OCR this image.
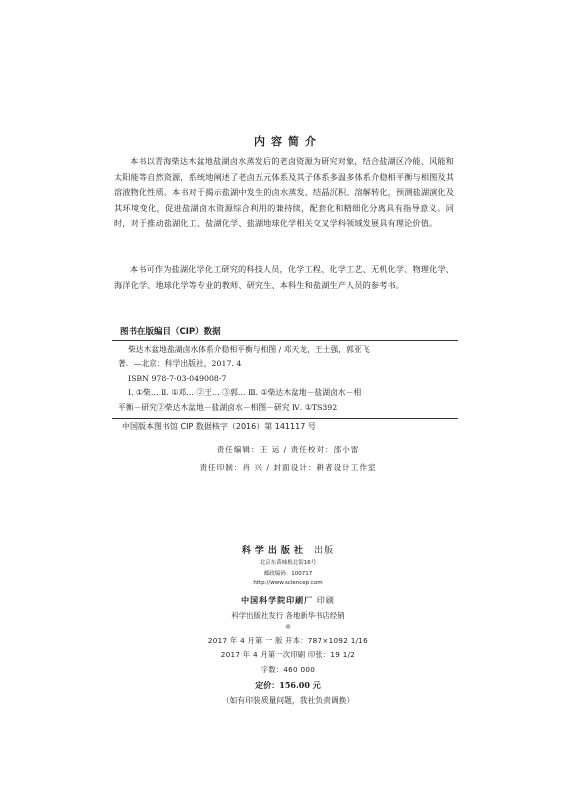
内容简介
本书以青海柴达木盆地盐湖卤水蒸发后的老卤资源为研究对象，结合盐湖区冷能、风能和太阳能等自然资源，系统地阐述了老卤五元体系及其子体系多温多体系介稳相平衡与相图及其溶液物化性质。本书对于揭示盐湖中发生的卤水蒸发、结晶沉积、溶解转化，预测盐湖演化及其环境变化，促进盐湖卤水资源综合利用的兼持续，配套化和精细化分离具有指导意义。同时，对于推动盐湖化工、盐湖化学、盐湖地球化学相关交叉学科领域发展具有理论价值。
本书可作为盐湖化学化工研究的科技人员，化学工程、化学工艺、无机化学、物理化学、海洋化学、地球化学等专业的教师、研究生、本科生和盐湖生产人员的参考书。
图书在版编目（CIP）数据
柴达木盆地盐湖卤水体系介稳相平衡与相图 / 邓天龙，王士强，郭亚飞
著．—北京：科学出版社，2017. 4
ISBN 978-7-03-049008-7
Ⅰ. ①柴… Ⅱ. ①邓… ②王… ③郭… Ⅲ. ①柴达木盆地－盐湖卤水－相
平衡－研究②柴达木盆地－盐湖卤水－相图－研究 Ⅳ. ①TS392
中国版本图书馆 CIP 数据核字（2016）第 141117 号
责任编辑：王 运 / 责任校对：邵小雷
责任印制：肖 兴 / 封面设计：耕者设计工作室
科学出版社 出版
北京东黄城根北街16号
邮政编码：100717
http://www.sciencep.com
中国科学院印刷厂 印刷
科学出版社发行 各地新华书店经销
※
2017 年 4 月第 一 版 开本：787×1092 1/16
2017 年 4 月第一次印刷 印张：19 1/2
字数：460 000
定价：156.00 元
（如有印装质量问题，我社负责调换）
